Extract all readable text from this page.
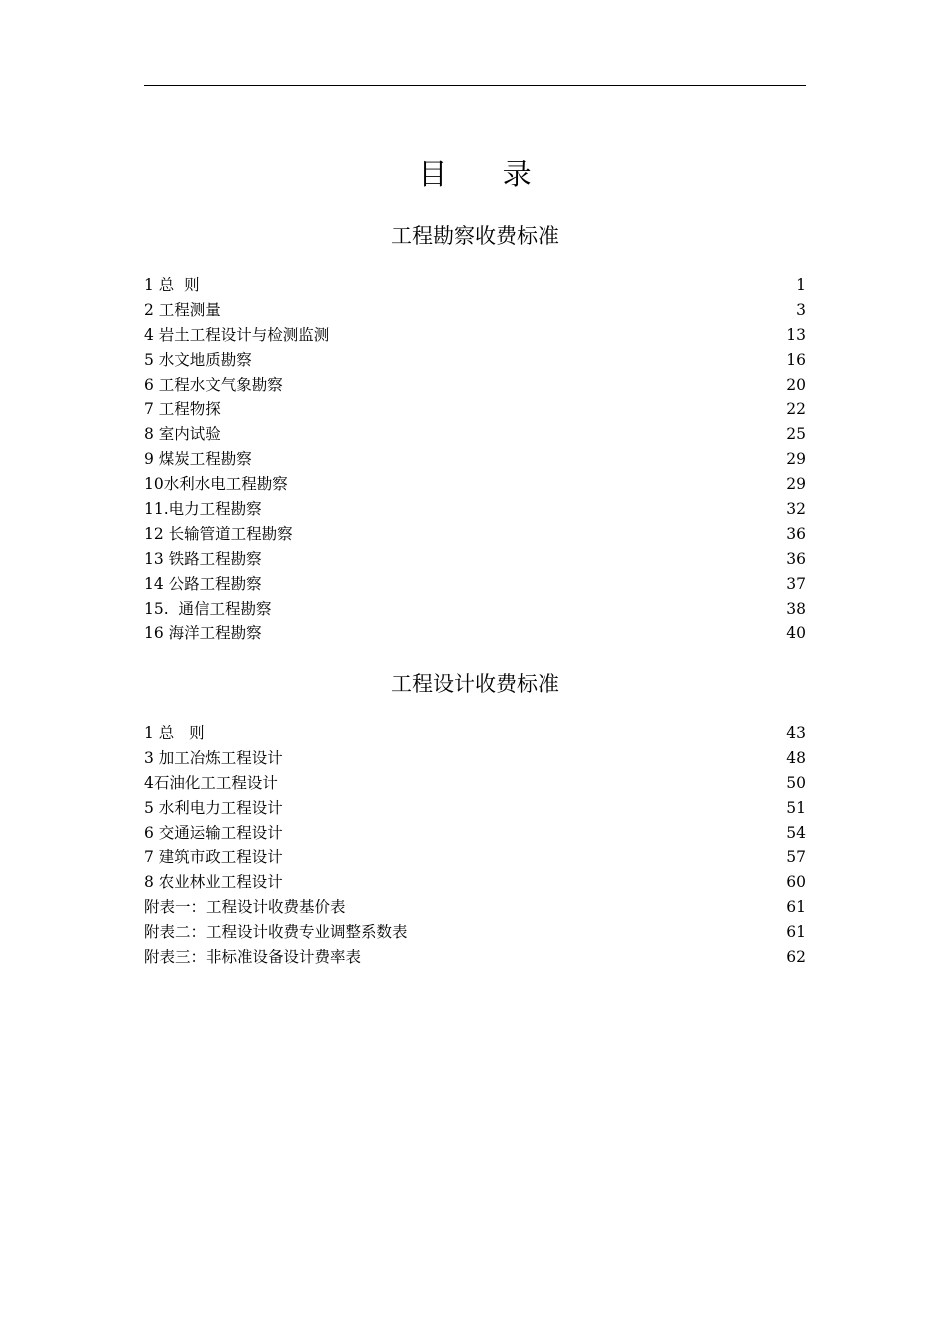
目      录
工程勘察收费标准
1 总  则	1
2 工程测量	3
4 岩土工程设计与检测监测	13
5 水文地质勘察	16
6 工程水文气象勘察	20
7 工程物探	22
8 室内试验	25
9 煤炭工程勘察	29
10水利水电工程勘察	29
11.电力工程勘察	32
12 长输管道工程勘察	36
13 铁路工程勘察	36
14 公路工程勘察	37
15.  通信工程勘察	38
16 海洋工程勘察	40
工程设计收费标准
1 总   则	43
3 加工冶炼工程设计	48
4石油化工工程设计	50
5 水利电力工程设计	51
6 交通运输工程设计	54
7 建筑市政工程设计	57
8 农业林业工程设计	60
附表一：工程设计收费基价表	61
附表二：工程设计收费专业调整系数表	61
附表三：非标准设备设计费率表	62
